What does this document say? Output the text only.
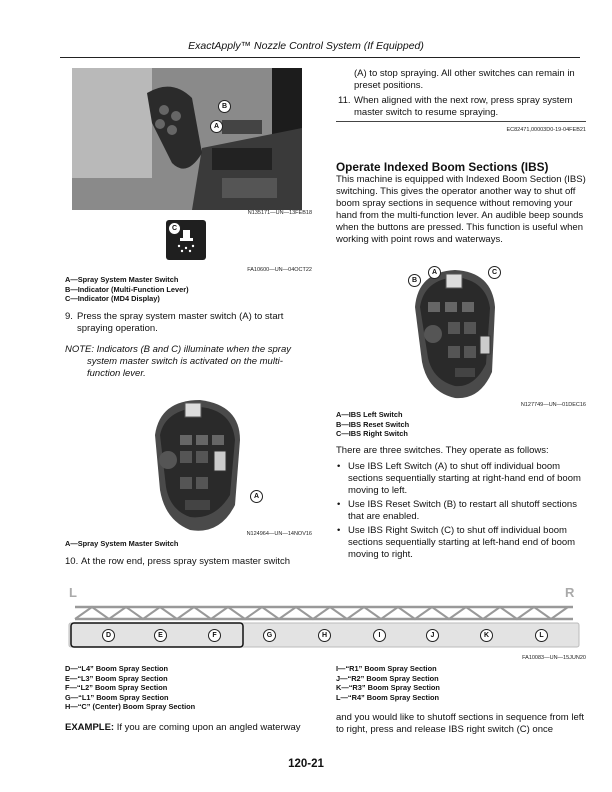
ExactApply™ Nozzle Control System (If Equipped)
B
A
N135171—UN—13FEB18
C
FA10600—UN—04OCT22
A—Spray System Master Switch
B—Indicator (Multi-Function Lever)
C—Indicator (MD4 Display)
9. Press the spray system master switch (A) to start spraying operation.
NOTE: Indicators (B and C) illuminate when the spray system master switch is activated on the multi-function lever.
A
N124964—UN—14NOV16
A—Spray System Master Switch
10. At the row end, press spray system master switch
(A) to stop spraying. All other switches can remain in preset positions.
11. When aligned with the next row, press spray system master switch to resume spraying.
EC82471,00003D0-19-04FEB21
Operate Indexed Boom Sections (IBS)
This machine is equipped with Indexed Boom Section (IBS) switching. This gives the operator another way to shut off boom spray sections in sequence without removing your hand from the multi-function lever. An audible beep sounds when the buttons are pressed. This function is useful when working with point rows and waterways.
B
A	C
N127749—UN—01DEC16
A—IBS Left Switch
B—IBS Reset Switch
C—IBS Right Switch
There are three switches. They operate as follows:
• Use IBS Left Switch (A) to shut off individual boom sections sequentially starting at right-hand end of boom moving to left.
• Use IBS Reset Switch (B) to restart all shutoff sections that are enabled.
• Use IBS Right Switch (C) to shut off individual boom sections sequentially starting at left-hand end of boom moving to right.
L	R
D	E	F	G	H	I	J	K	L
FA10083—UN—15JUN20
D—“L4” Boom Spray Section
E—“L3” Boom Spray Section
F—“L2” Boom Spray Section
G—“L1” Boom Spray Section
H—“C” (Center) Boom Spray Section
I—“R1” Boom Spray Section
J—“R2” Boom Spray Section
K—“R3” Boom Spray Section
L—“R4” Boom Spray Section
EXAMPLE: If you are coming upon an angled waterway
and you would like to shutoff sections in sequence from left to right, press and release IBS right switch (C) once
120-21
